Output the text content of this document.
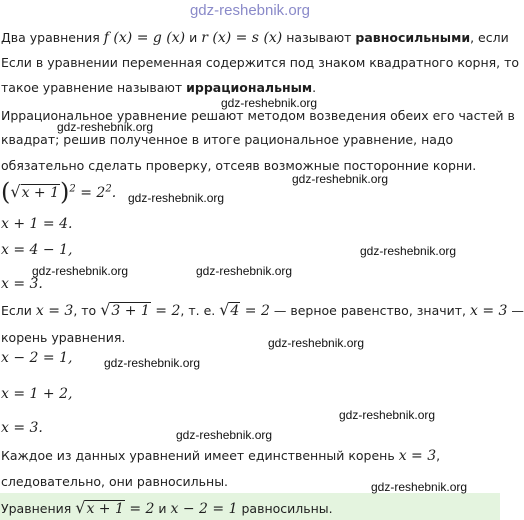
gdz-reshebnik.org
Два уравнения f (x) = g (x) и r (x) = s (x) называют равносильными, если
Если в уравнении переменная содержится под знаком квадратного корня, то
такое уравнение называют иррациональным.
Иррациональное уравнение решают методом возведения обеих его частей в
квадрат; решив полученное в итоге рациональное уравнение, надо
обязательно сделать проверку, отсеяв возможные посторонние корни.
$(√x + 1)^2 = 2^2$.
x + 1 = 4.
x = 4 − 1,
x = 3.
Если x = 3, то √3 + 1 = 2, т. е. √4 = 2 — верное равенство, значит, x = 3 —
корень уравнения.
x − 2 = 1,
x = 1 + 2,
x = 3.
Каждое из данных уравнений имеет единственный корень x = 3,
следовательно, они равносильны.
Уравнения √x + 1 = 2 и x − 2 = 1 равносильны.
gdz-reshebnik.org
gdz-reshebnik.org
gdz-reshebnik.org
gdz-reshebnik.org
gdz-reshebnik.org
gdz-reshebnik.org	gdz-reshebnik.org
gdz-reshebnik.org
gdz-reshebnik.org
gdz-reshebnik.org
gdz-reshebnik.org
gdz-reshebnik.org
